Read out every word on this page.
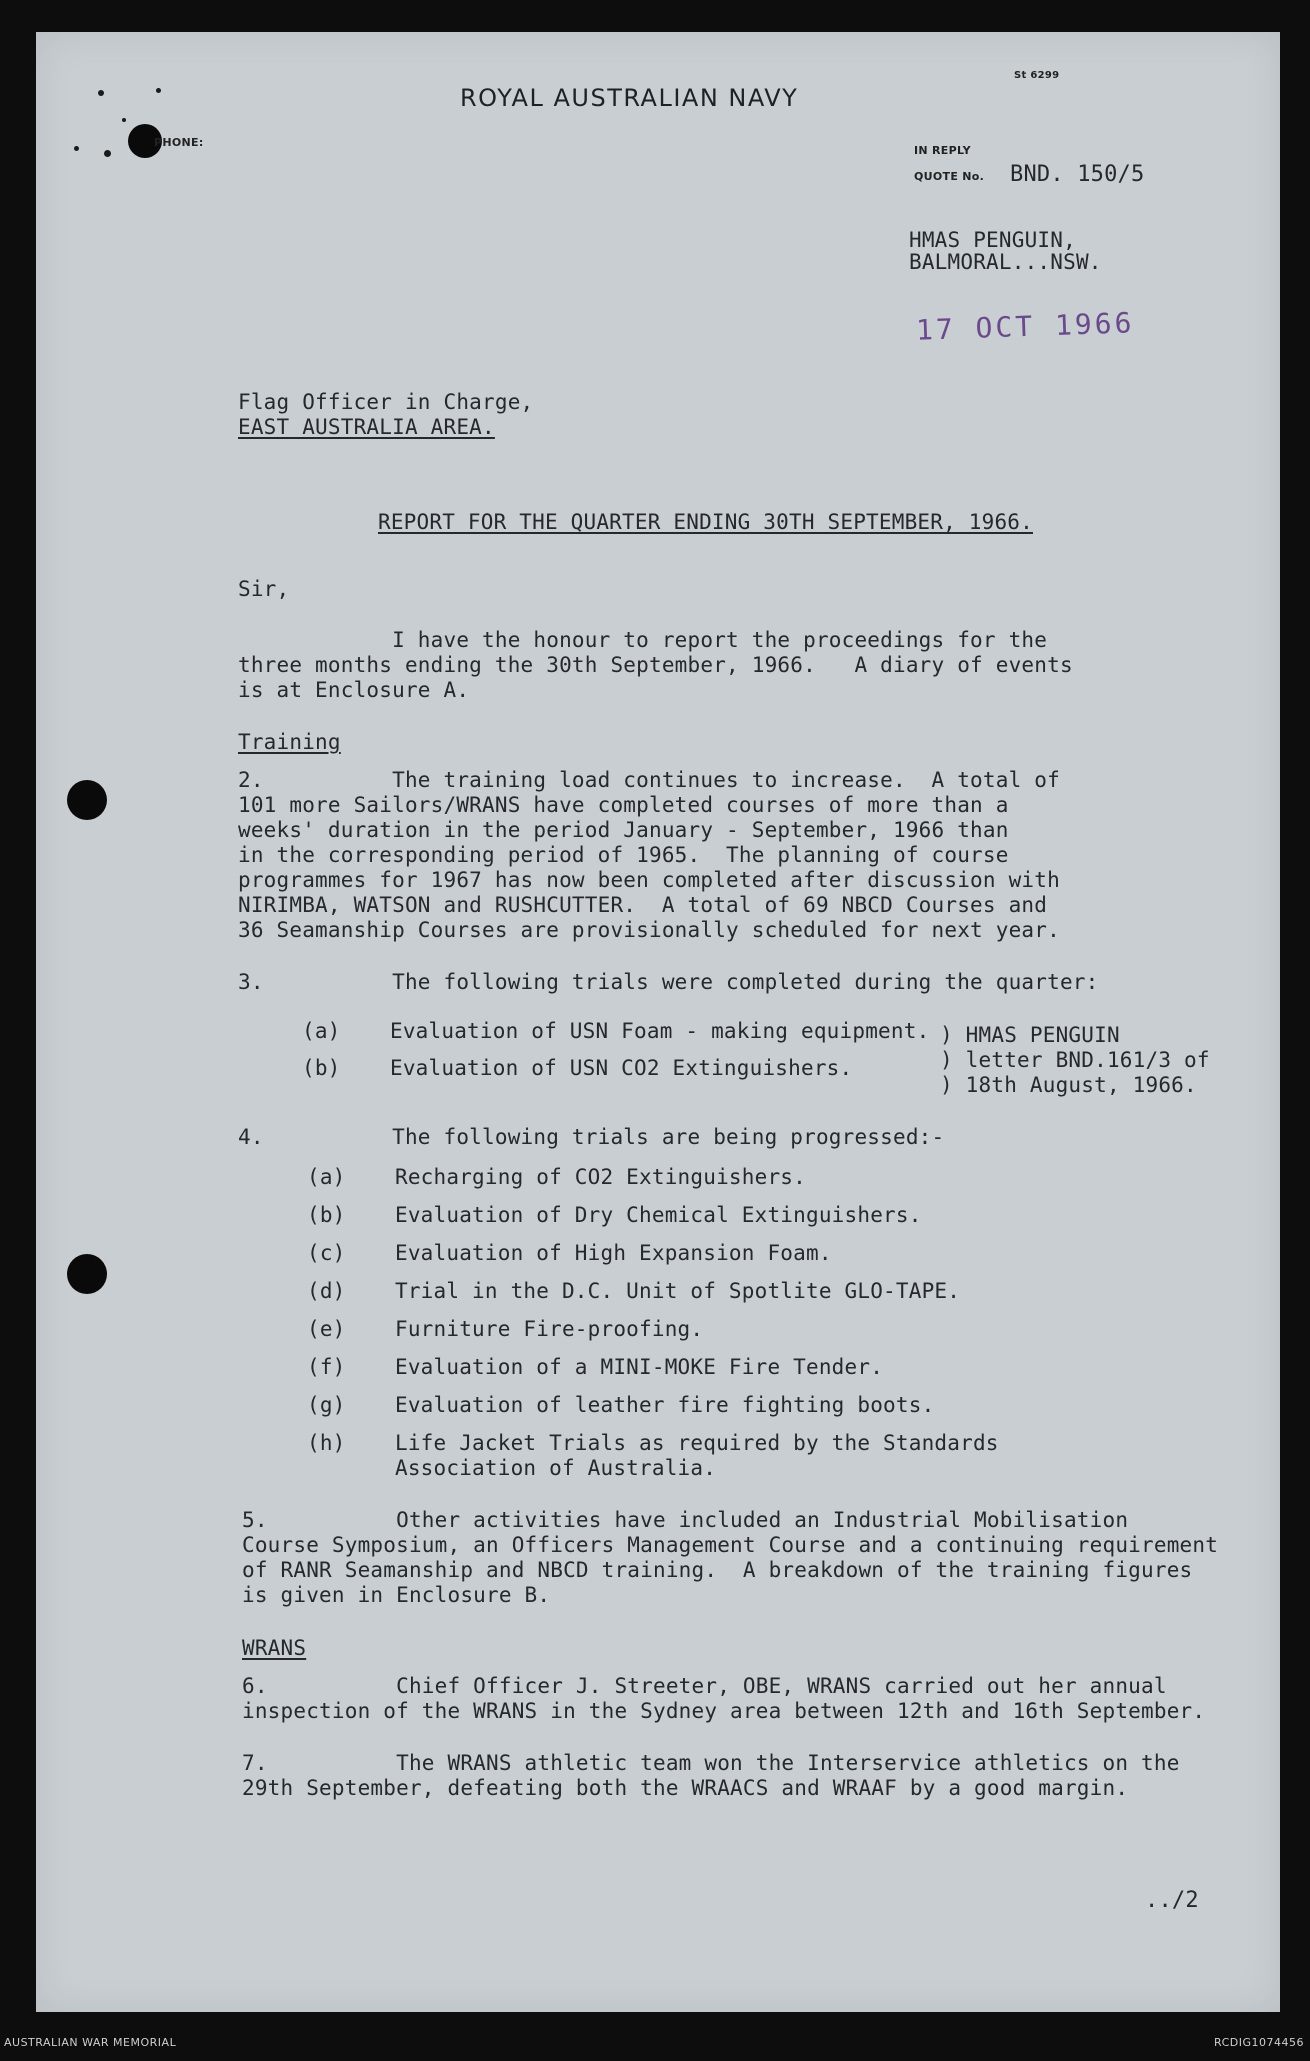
St 6299
ROYAL AUSTRALIAN NAVY
PHONE:
IN REPLY
QUOTE No. BND. 150/5
HMAS PENGUIN,
BALMORAL...NSW.
17 OCT 1966
Flag Officer in Charge,
EAST AUSTRALIA AREA.
REPORT FOR THE QUARTER ENDING 30TH SEPTEMBER, 1966.
Sir,
I have the honour to report the proceedings for the
three months ending the 30th September, 1966.   A diary of events
is at Enclosure A.
Training
2.          The training load continues to increase.  A total of
101 more Sailors/WRANS have completed courses of more than a
weeks' duration in the period January - September, 1966 than
in the corresponding period of 1965.  The planning of course
programmes for 1967 has now been completed after discussion with
NIRIMBA, WATSON and RUSHCUTTER.  A total of 69 NBCD Courses and
36 Seamanship Courses are provisionally scheduled for next year.
3.          The following trials were completed during the quarter:
(a) Evaluation of USN Foam - making equipment.
(b) Evaluation of USN CO2 Extinguishers.
) HMAS PENGUIN
) letter BND.161/3 of
) 18th August, 1966.
4.          The following trials are being progressed:-
(a) Recharging of CO2 Extinguishers.
(b) Evaluation of Dry Chemical Extinguishers.
(c) Evaluation of High Expansion Foam.
(d) Trial in the D.C. Unit of Spotlite GLO-TAPE.
(e) Furniture Fire-proofing.
(f) Evaluation of a MINI-MOKE Fire Tender.
(g) Evaluation of leather fire fighting boots.
(h) Life Jacket Trials as required by the Standards
Association of Australia.
5.          Other activities have included an Industrial Mobilisation
Course Symposium, an Officers Management Course and a continuing requirement
of RANR Seamanship and NBCD training.  A breakdown of the training figures
is given in Enclosure B.
WRANS
6.          Chief Officer J. Streeter, OBE, WRANS carried out her annual
inspection of the WRANS in the Sydney area between 12th and 16th September.
7.          The WRANS athletic team won the Interservice athletics on the
29th September, defeating both the WRAACS and WRAAF by a good margin.
../2
AUSTRALIAN WAR MEMORIAL	RCDIG1074456
